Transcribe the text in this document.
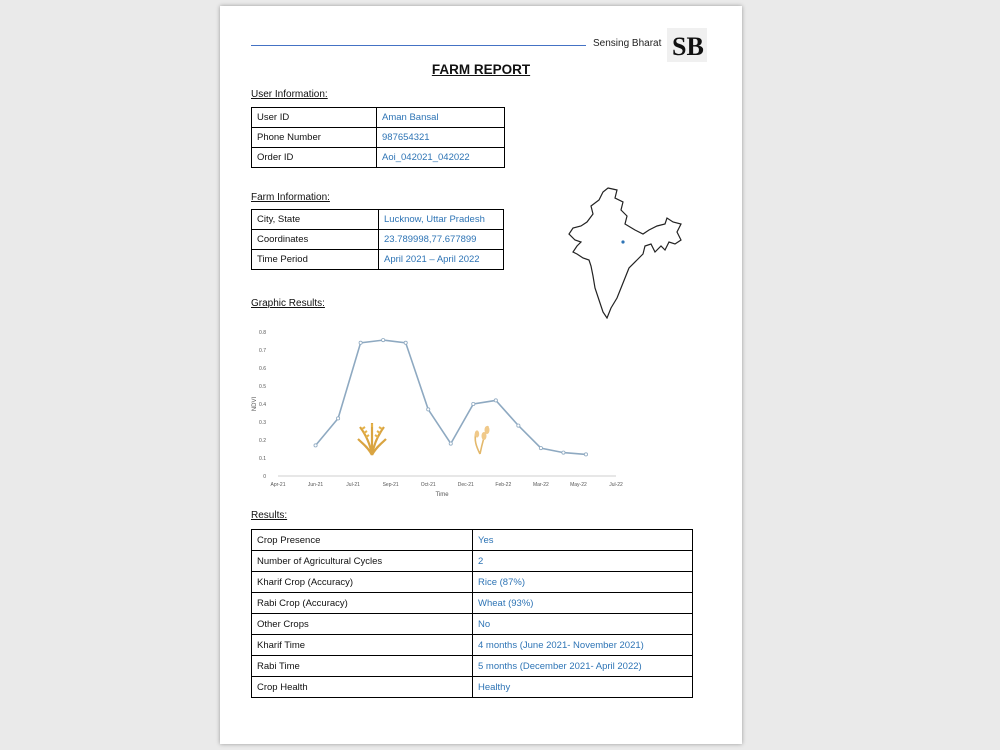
Sensing Bharat SB
FARM REPORT
User Information:
User ID	Aman Bansal
Phone Number	987654321
Order ID	Aoi_042021_042022
Farm Information:
City, State	Lucknow, Uttar Pradesh
Coordinates	23.789998,77.677899
Time Period	April 2021 – April 2022
Graphic Results:
0
0.1
0.2
0.3
0.4
0.5
0.6
0.7
0.8
Apr-21	Jun-21	Jul-21	Sep-21	Oct-21	Dec-21	Feb-22	Mar-22	May-22	Jul-22
NDVI
Time
Results:
Crop Presence	Yes
Number of Agricultural Cycles	2
Kharif Crop (Accuracy)	Rice (87%)
Rabi Crop (Accuracy)	Wheat (93%)
Other Crops	No
Kharif Time	4 months (June 2021- November 2021)
Rabi Time	5 months (December 2021- April 2022)
Crop Health	Healthy
